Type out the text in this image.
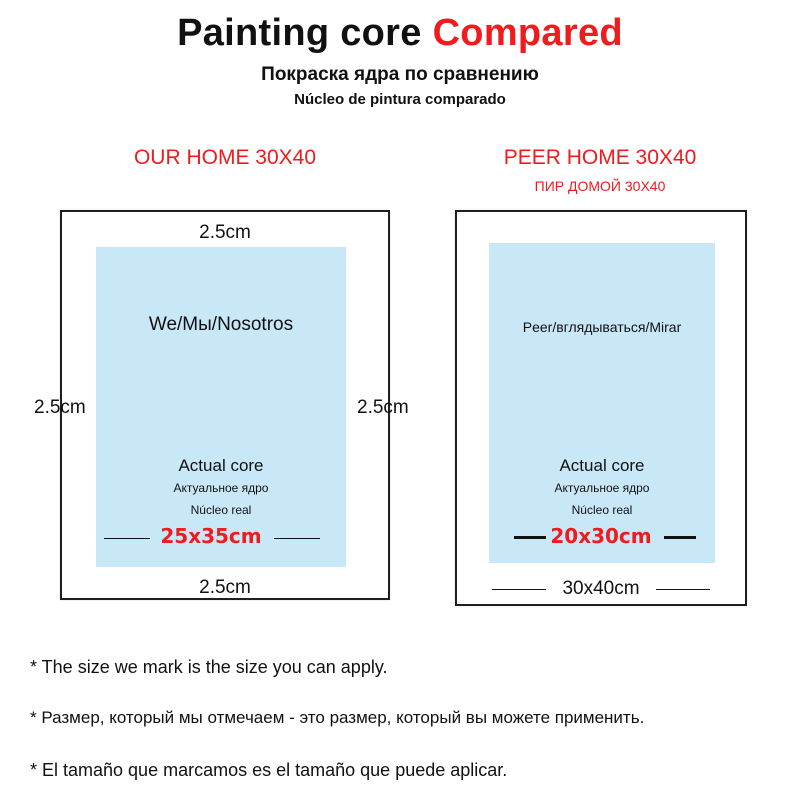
Painting core Compared
Покраска ядра по сравнению
Núcleo de pintura comparado
OUR HOME 30X40
2.5cm
2.5cm	2.5cm
2.5cm
We/Мы/Nosotros
Actual core
Актуальное ядро
Núcleo real
25x35cm
PEER HOME 30X40
ПИР ДОМОЙ 30X40
Peer/вглядываться/Mirar
Actual core
Актуальное ядро
Núcleo real
20x30cm
30x40cm
* The size we mark is the size you can apply.
* Размер, который мы отмечаем - это размер, который вы можете применить.
* El tamaño que marcamos es el tamaño que puede aplicar.
